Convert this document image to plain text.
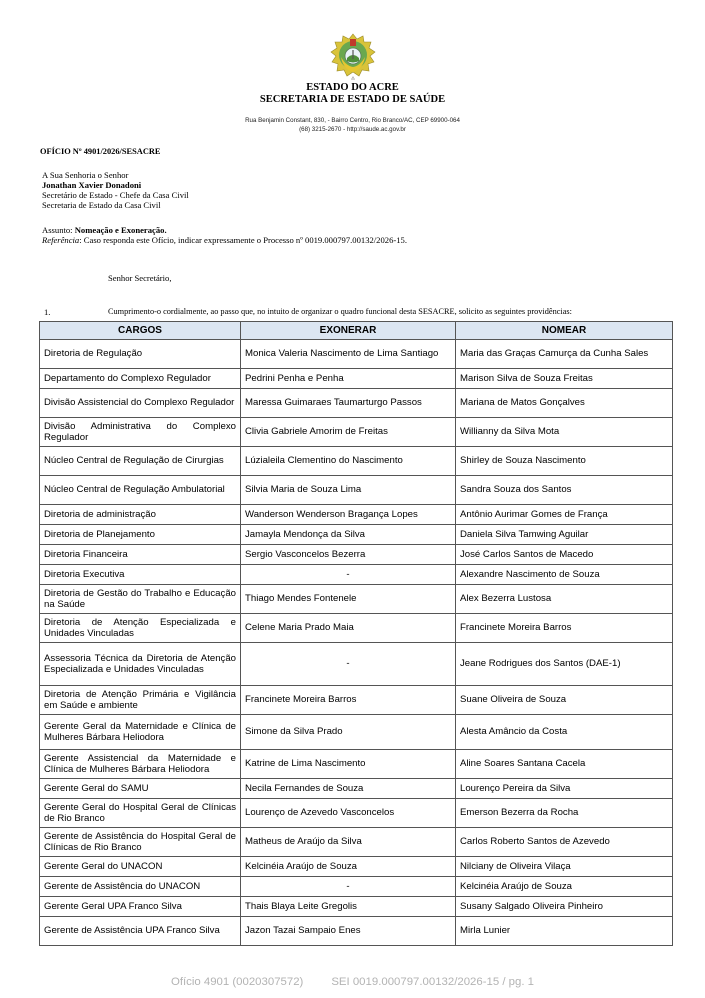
⁂
ESTADO DO ACRE
SECRETARIA DE ESTADO DE SAÚDE
Rua Benjamin Constant, 830, - Bairro Centro, Rio Branco/AC, CEP 69900-064
(68) 3215-2670 - http://saude.ac.gov.br
OFÍCIO Nº 4901/2026/SESACRE
A Sua Senhoria o Senhor
Jonathan Xavier Donadoni
Secretário de Estado - Chefe da Casa Civil
Secretaria de Estado da Casa Civil
Assunto: Nomeação e Exoneração.
Referência: Caso responda este Ofício, indicar expressamente o Processo nº 0019.000797.00132/2026-15.
Senhor Secretário,
1.	Cumprimento-o cordialmente, ao passo que, no intuito de organizar o quadro funcional desta SESACRE, solicito as seguintes providências:
CARGOS	EXONERAR	NOMEAR
Diretoria de Regulação	Monica Valeria Nascimento de Lima Santiago	Maria das Graças Camurça da Cunha Sales
Departamento do Complexo Regulador	Pedrini Penha e Penha	Marison Silva de Souza Freitas
Divisão Assistencial do Complexo Regulador	Maressa Guimaraes Taumarturgo Passos	Mariana de Matos Gonçalves
Divisão Administrativa do Complexo Regulador	Clivia Gabriele Amorim de Freitas	Willianny da Silva Mota
Núcleo Central de Regulação de Cirurgias	Lúzialeila Clementino do Nascimento	Shirley de Souza Nascimento
Núcleo Central de Regulação Ambulatorial	Silvia Maria de Souza Lima	Sandra Souza dos Santos
Diretoria de administração	Wanderson Wenderson Bragança Lopes	Antônio Aurimar Gomes de França
Diretoria de Planejamento	Jamayla Mendonça da Silva	Daniela Silva Tamwing Aguilar
Diretoria Financeira	Sergio Vasconcelos Bezerra	José Carlos Santos de Macedo
Diretoria Executiva	-	Alexandre Nascimento de Souza
Diretoria de Gestão do Trabalho e Educação na Saúde	Thiago Mendes Fontenele	Alex Bezerra Lustosa
Diretoria de Atenção Especializada e Unidades Vinculadas	Celene Maria Prado Maia	Francinete Moreira Barros
Assessoria Técnica da Diretoria de Atenção Especializada e Unidades Vinculadas	-	Jeane Rodrigues dos Santos (DAE-1)
Diretoria de Atenção Primária e Vigilância em Saúde e ambiente	Francinete Moreira Barros	Suane Oliveira de Souza
Gerente Geral da Maternidade e Clínica de Mulheres Bárbara Heliodora	Simone da Silva Prado	Alesta Amâncio da Costa
Gerente Assistencial da Maternidade e Clínica de Mulheres Bárbara Heliodora	Katrine de Lima Nascimento	Aline Soares Santana Cacela
Gerente Geral do SAMU	Necila Fernandes de Souza	Lourenço Pereira da Silva
Gerente Geral do Hospital Geral de Clínicas de Rio Branco	Lourenço de Azevedo Vasconcelos	Emerson Bezerra da Rocha
Gerente de Assistência do Hospital Geral de Clínicas de Rio Branco	Matheus de Araújo da Silva	Carlos Roberto Santos de Azevedo
Gerente Geral do UNACON	Kelcinéia Araújo de Souza	Nilciany de Oliveira Vilaça
Gerente de Assistência do UNACON	-	Kelcinéia Araújo de Souza
Gerente Geral UPA Franco Silva	Thais Blaya Leite Gregolis	Susany Salgado Oliveira Pinheiro
Gerente de Assistência UPA Franco Silva	Jazon Tazai Sampaio Enes	Mirla Lunier
Ofício 4901 (0020307572) SEI 0019.000797.00132/2026-15 / pg. 1
